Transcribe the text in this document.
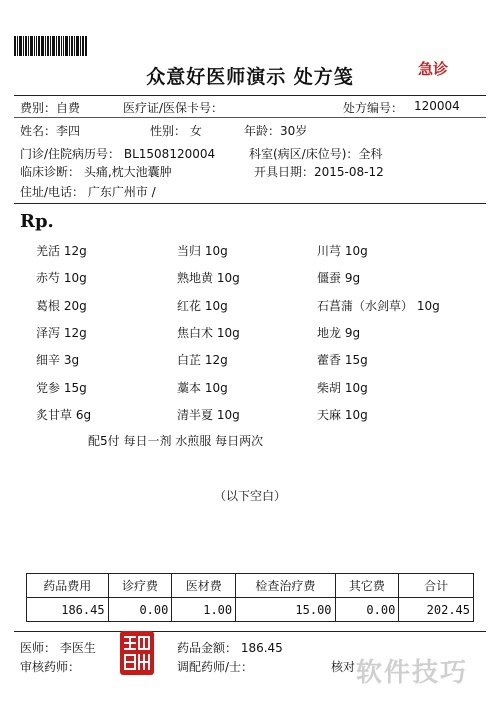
众意好医师演示 处方笺	急诊
费别：自费	医疗证/医保卡号：	处方编号： 120004
姓名：李四	性别： 女	年龄：30岁
门诊/住院病历号： BL1508120004	科室(病区/床位号)：全科
临床诊断： 头痛,枕大池囊肿	开具日期：2015-08-12
住址/电话： 广东广州市 /
Rp.
羌活 12g	当归 10g	川芎 10g
赤芍 10g	熟地黄 10g	僵蚕 9g
葛根 20g	红花 10g	石菖蒲（水剑草） 10g
泽泻 12g	焦白术 10g	地龙 9g
细辛 3g	白芷 12g	藿香 15g
党参 15g	藁本 10g	柴胡 10g
炙甘草 6g	清半夏 10g	天麻 10g
配5付 每日一剂 水煎服 每日两次
（以下空白）
药品费用	诊疗费	医材费	检查治疗费	其它费	合计
186.45	0.00	1.00	15.00	0.00	202.45
医师： 李医生	药品金额： 186.45
审核药师：	调配药师/士：	核对 软件技巧
